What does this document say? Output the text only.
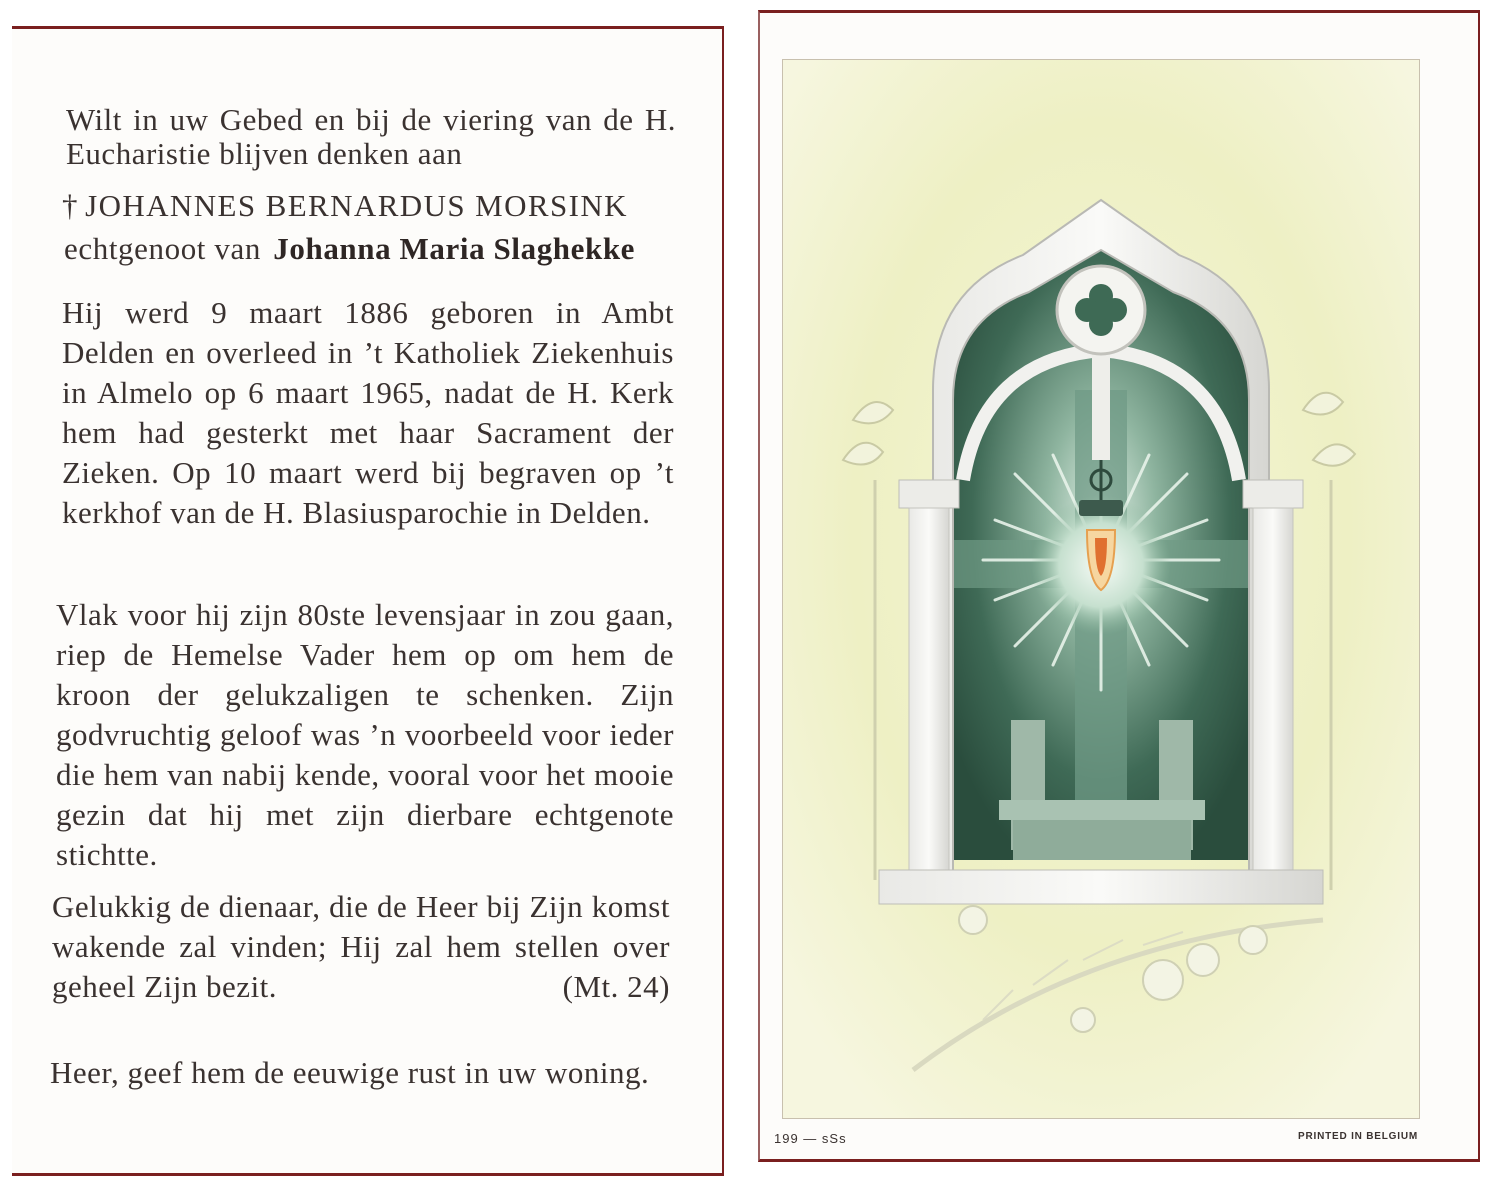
Wilt in uw Gebed en bij de viering van de H. Eucharistie blijven denken aan
† JOHANNES BERNARDUS MORSINK
echtgenoot van Johanna Maria Slaghekke
Hij werd 9 maart 1886 geboren in Ambt Delden en overleed in ’t Katholiek Ziekenhuis in Almelo op 6 maart 1965, nadat de H. Kerk hem had gesterkt met haar Sacrament der Zieken. Op 10 maart werd bij begraven op ’t kerkhof van de H. Blasiusparochie in Delden.
Vlak voor hij zijn 80ste levensjaar in zou gaan, riep de Hemelse Vader hem op om hem de kroon der gelukzaligen te schenken. Zijn godvruchtig geloof was ’n voorbeeld voor ieder die hem van nabij kende, vooral voor het mooie gezin dat hij met zijn dierbare echtgenote stichtte.
Gelukkig de dienaar, die de Heer bij Zijn komst wakende zal vinden; Hij zal hem stellen over geheel Zijn bezit.	(Mt. 24)
Heer, geef hem de eeuwige rust in uw woning.
199 — sSs	PRINTED IN BELGIUM
